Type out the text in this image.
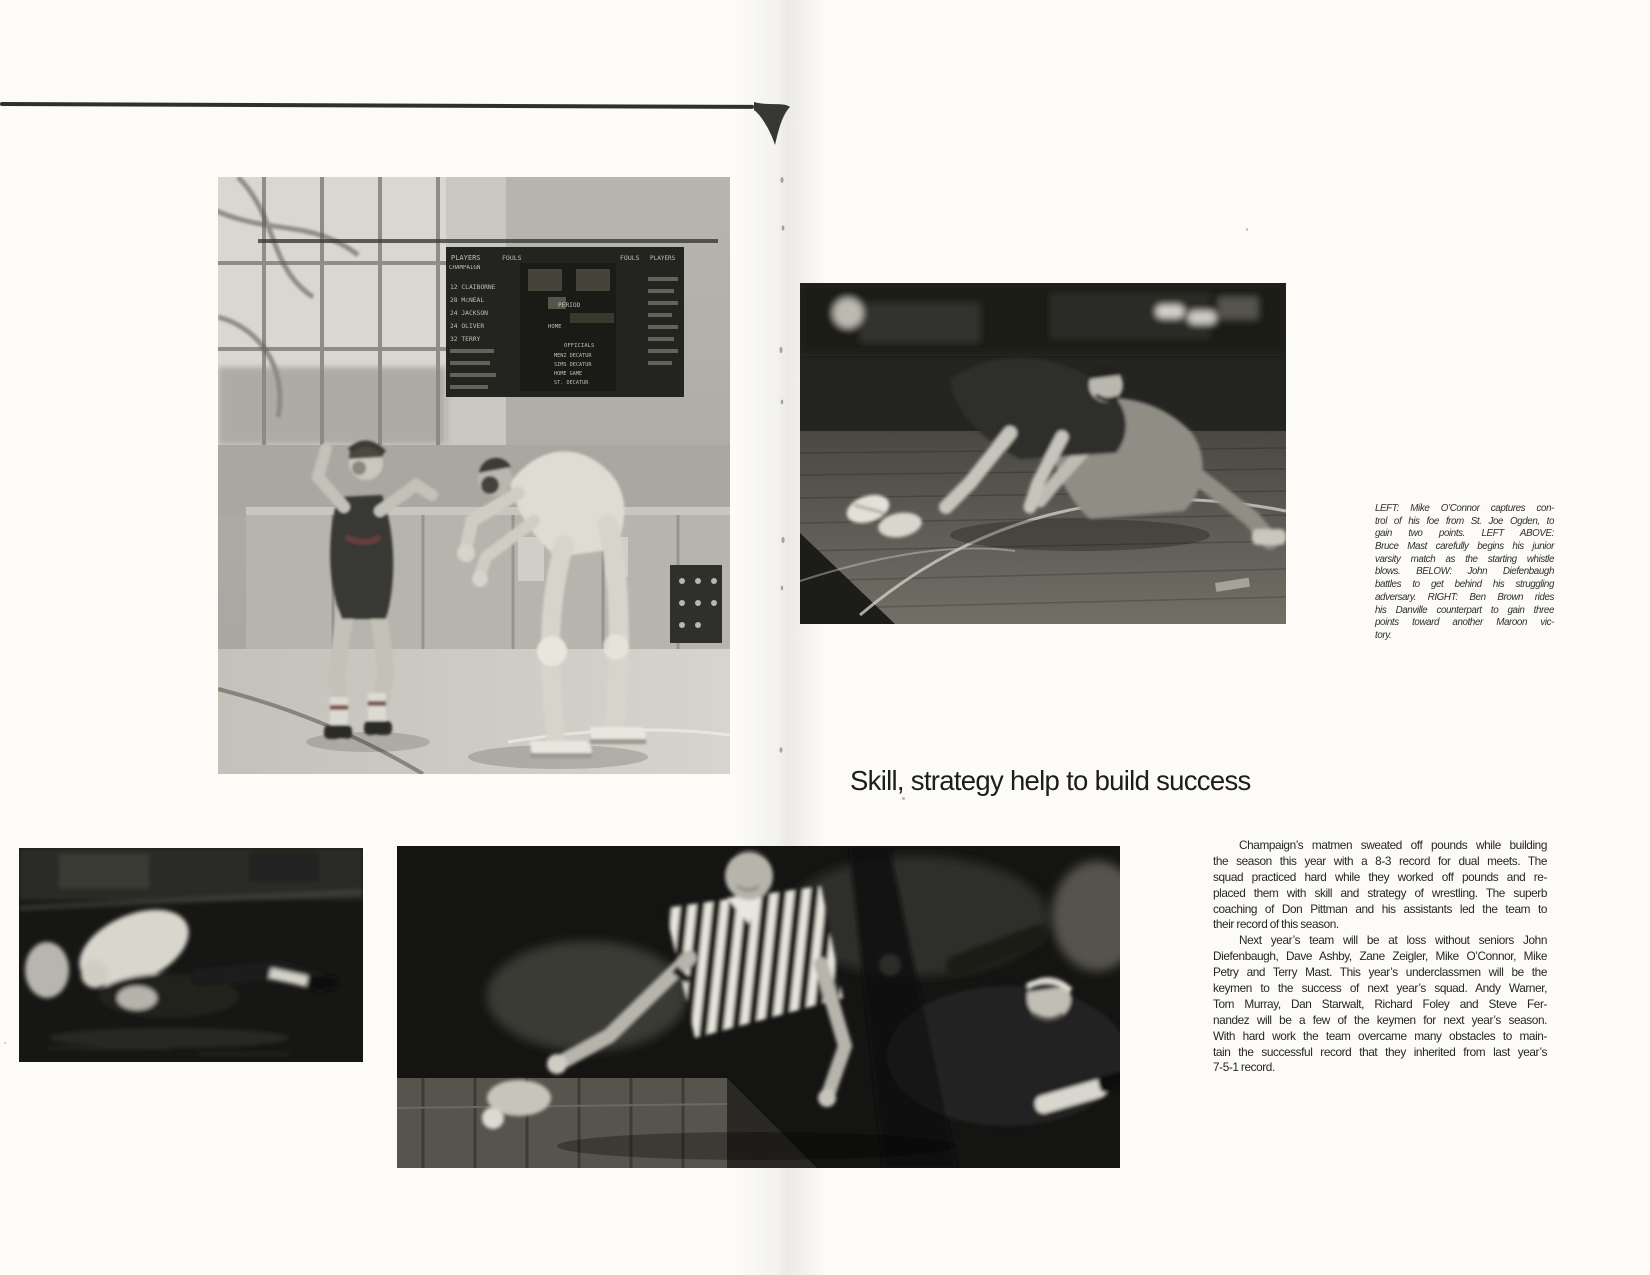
PLAYERS	FOULS
CHAMPAIGN
12 CLAIBORNE
28 McNEAL
24 JACKSON
24 OLIVER
32 TERRY
FOULS PLAYERS
PERIOD
HOME
OFFICIALS
MENZ DECATUR
SIMS DECATUR
HOME GAME
ST. DECATUR
LEFT: Mike O’Connor captures con-
trol of his foe from St. Joe Ogden, to
gain two points. LEFT ABOVE:
Bruce Mast carefully begins his junior
varsity match as the starting whistle
blows. BELOW: John Diefenbaugh
battles to get behind his struggling
adversary. RIGHT: Ben Brown rides
his Danville counterpart to gain three
points toward another Maroon vic-
tory.
Skill, strategy help to build success
Champaign’s matmen sweated off pounds while building
the season this year with a 8-3 record for dual meets. The
squad practiced hard while they worked off pounds and re-
placed them with skill and strategy of wrestling. The superb
coaching of Don Pittman and his assistants led the team to
their record of this season.
Next year’s team will be at loss without seniors John
Diefenbaugh, Dave Ashby, Zane Zeigler, Mike O’Connor, Mike
Petry and Terry Mast. This year’s underclassmen will be the
keymen to the success of next year’s squad. Andy Warner,
Tom Murray, Dan Starwalt, Richard Foley and Steve Fer-
nandez will be a few of the keymen for next year’s season.
With hard work the team overcame many obstacles to main-
tain the successful record that they inherited from last year’s
7-5-1 record.
